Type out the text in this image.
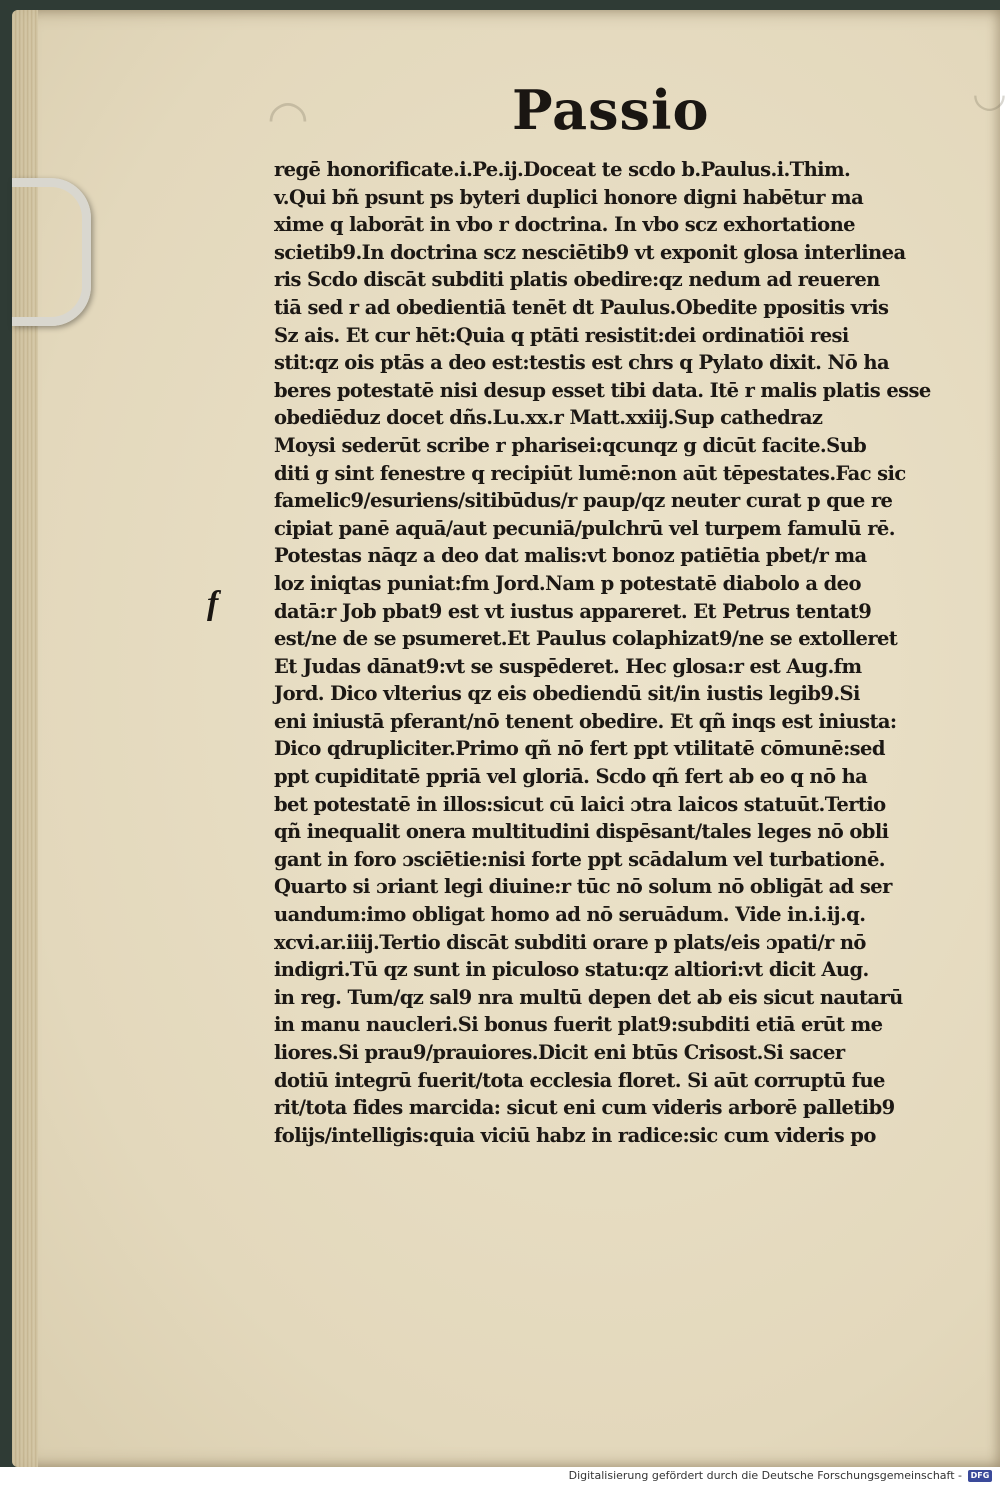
◠	◡
Passio
f
regē honorificate.i.Pe.ij.Doceat te scdo b.Paulus.i.Thim.
v.Qui bñ psunt ps byteri duplici honore digni habētur ma
xime q laborāt in vbo r doctrina. In vbo scz exhortatione
scietib9.In doctrina scz nesciētib9 vt exponit glosa interlinea
ris Scdo discāt subditi platis obedire:qz nedum ad reueren
tiā sed r ad obedientiā tenēt dt Paulus.Obedite ppositis vris
Sz ais. Et cur hēt:Quia q ptāti resistit:dei ordinatiōi resi
stit:qz ois ptās a deo est:testis est chrs q Pylato dixit. Nō ha
beres potestatē nisi desup esset tibi data. Itē r malis platis esse
obediēduz docet dñs.Lu.xx.r Matt.xxiij.Sup cathedraz
Moysi sederūt scribe r pharisei:qcunqz g dicūt facite.Sub
diti g sint fenestre q recipiūt lumē:non aūt tēpestates.Fac sic
famelic9/esuriens/sitibūdus/r paup/qz neuter curat p que re
cipiat panē aquā/aut pecuniā/pulchrū vel turpem famulū rē.
Potestas nāqz a deo dat malis:vt bonoz patiētia pbet/r ma
loz iniqtas puniat:fm Jord.Nam p potestatē diabolo a deo
datā:r Job pbat9 est vt iustus appareret. Et Petrus tentat9
est/ne de se psumeret.Et Paulus colaphizat9/ne se extolleret
Et Judas dānat9:vt se suspēderet. Hec glosa:r est Aug.fm
Jord. Dico vlterius qz eis obediendū sit/in iustis legib9.Si
eni iniustā pferant/nō tenent obedire. Et qñ inqs est iniusta:
Dico qdrupliciter.Primo qñ nō fert ppt vtilitatē cōmunē:sed
ppt cupiditatē ppriā vel gloriā. Scdo qñ fert ab eo q nō ha
bet potestatē in illos:sicut cū laici ɔtra laicos statuūt.Tertio
qñ inequalit onera multitudini dispēsant/tales leges nō obli
gant in foro ɔsciētie:nisi forte ppt scādalum vel turbationē.
Quarto si ɔriant legi diuine:r tūc nō solum nō obligāt ad ser
uandum:imo obligat homo ad nō seruādum. Vide in.i.ij.q.
xcvi.ar.iiij.Tertio discāt subditi orare p plats/eis ɔpati/r nō
indigri.Tū qz sunt in piculoso statu:qz altiori:vt dicit Aug.
in reg. Tum/qz sal9 nra multū depen det ab eis sicut nautarū
in manu naucleri.Si bonus fuerit plat9:subditi etiā erūt me
liores.Si prau9/prauiores.Dicit eni btūs Crisost.Si sacer
dotiū integrū fuerit/tota ecclesia floret. Si aūt corruptū fue
rit/tota fides marcida: sicut eni cum videris arborē palletib9
folijs/intelligis:quia viciū habz in radice:sic cum videris po
Digitalisierung gefördert durch die Deutsche Forschungsgemeinschaft -	DFG
